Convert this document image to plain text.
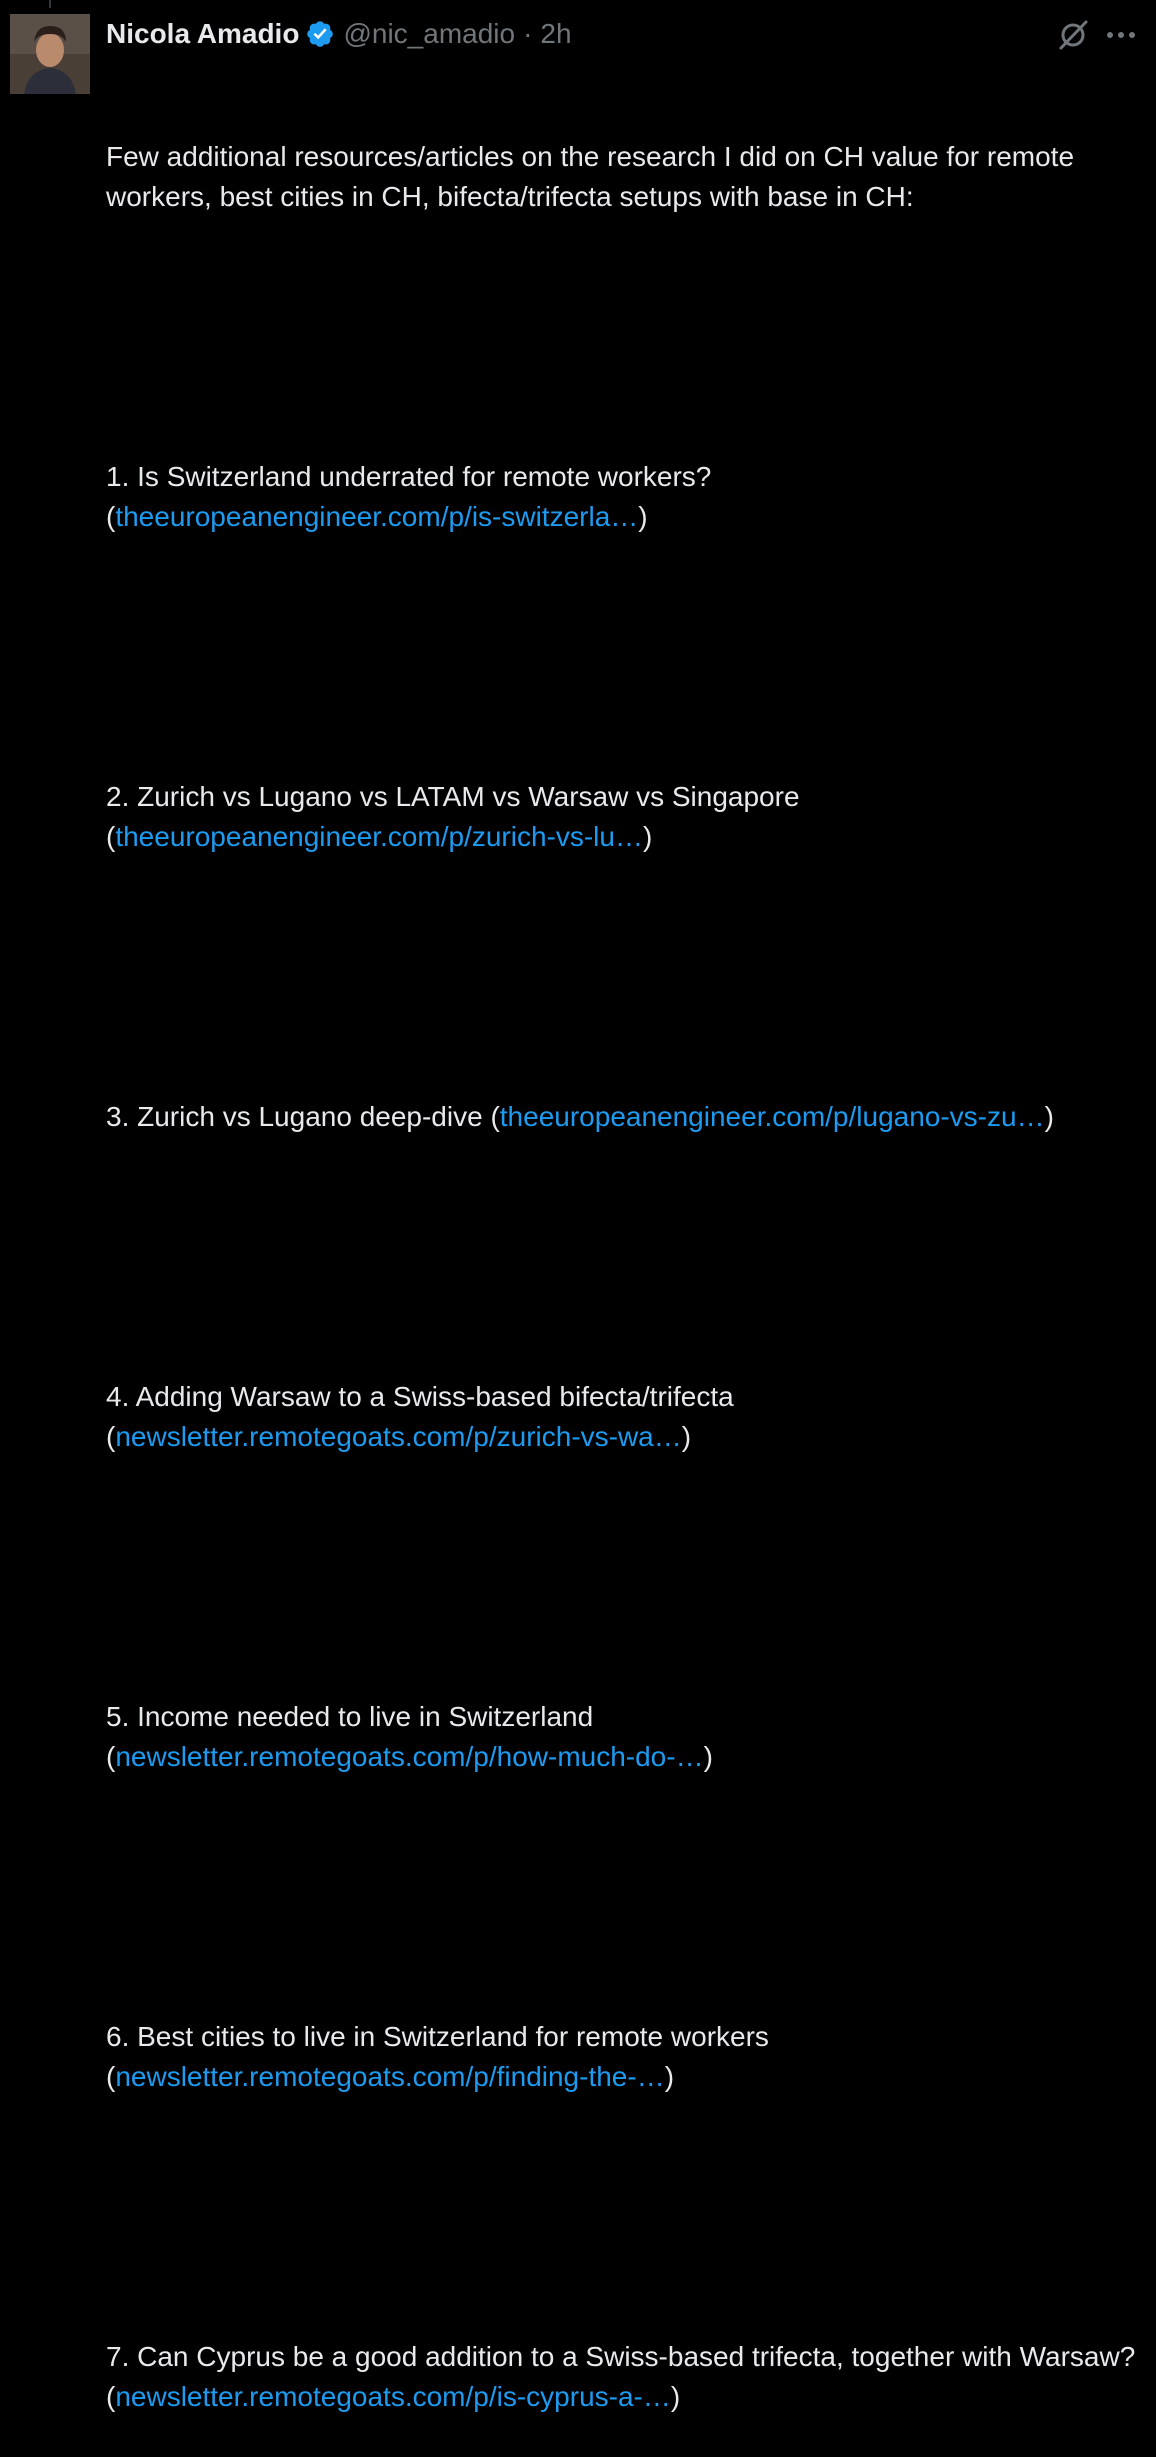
Nicola Amadio @nic_amadio · 2h

Few additional resources/articles on the research I did on CH value for remote workers, best cities in CH, bifecta/trifecta setups with base in CH:

1. Is Switzerland underrated for remote workers?
(theeuropeanengineer.com/p/is-switzerla…)

2. Zurich vs Lugano vs LATAM vs Warsaw vs Singapore
(theeuropeanengineer.com/p/zurich-vs-lu…)

3. Zurich vs Lugano deep-dive (theeuropeanengineer.com/p/lugano-vs-zu…)

4. Adding Warsaw to a Swiss-based bifecta/trifecta
(newsletter.remotegoats.com/p/zurich-vs-wa…)

5. Income needed to live in Switzerland
(newsletter.remotegoats.com/p/how-much-do-…)

6. Best cities to live in Switzerland for remote workers
(newsletter.remotegoats.com/p/finding-the-…)

7. Can Cyprus be a good addition to a Swiss-based trifecta, together with Warsaw? (newsletter.remotegoats.com/p/is-cyprus-a-…)
